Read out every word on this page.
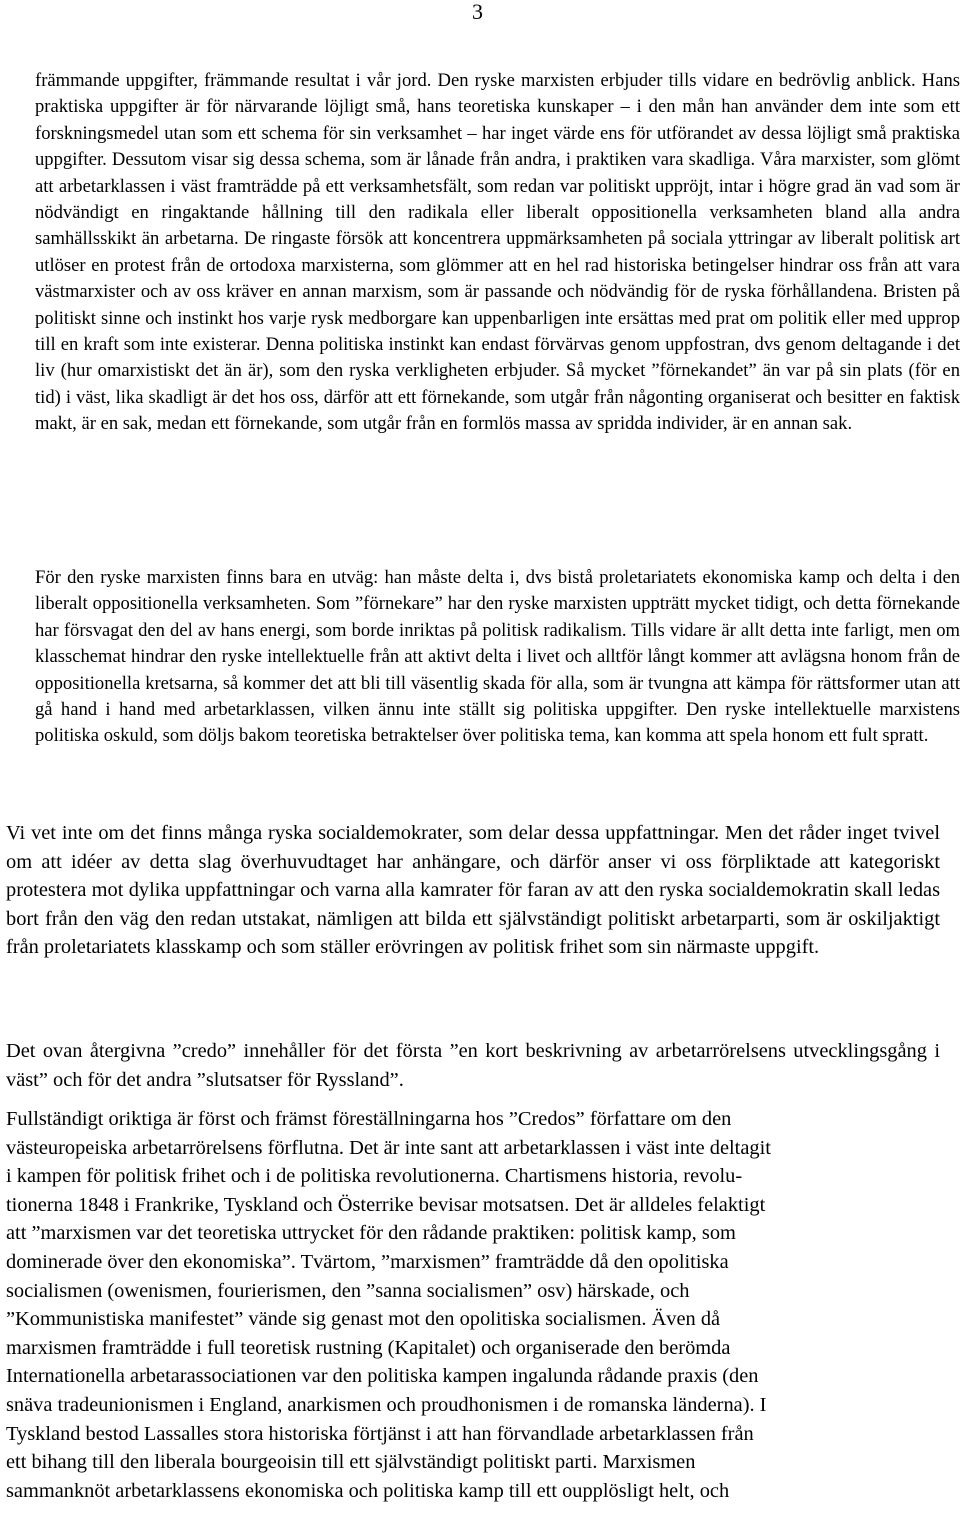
3
främmande uppgifter, främmande resultat i vår jord. Den ryske marxisten erbjuder tills vidare en bedrövlig anblick. Hans praktiska uppgifter är för närvarande löjligt små, hans teoretiska kunskaper – i den mån han använder dem inte som ett forskningsmedel utan som ett schema för sin verksamhet – har inget värde ens för utförandet av dessa löjligt små praktiska uppgifter. Dessutom visar sig dessa schema, som är lånade från andra, i praktiken vara skadliga. Våra marxister, som glömt att arbetarklassen i väst framträdde på ett verksamhetsfält, som redan var politiskt uppröjt, intar i högre grad än vad som är nödvändigt en ringaktande hållning till den radikala eller liberalt oppositionella verksamheten bland alla andra samhällsskikt än arbetarna. De ringaste försök att koncentrera uppmärksamheten på sociala yttringar av liberalt politisk art utlöser en protest från de ortodoxa marxisterna, som glömmer att en hel rad historiska betingelser hindrar oss från att vara västmarxister och av oss kräver en annan marxism, som är passande och nödvändig för de ryska förhållandena. Bristen på politiskt sinne och instinkt hos varje rysk medborgare kan uppenbarligen inte ersättas med prat om politik eller med upprop till en kraft som inte existerar. Denna politiska instinkt kan endast förvärvas genom uppfostran, dvs genom deltagande i det liv (hur omarxistiskt det än är), som den ryska verkligheten erbjuder. Så mycket ”förnekandet” än var på sin plats (för en tid) i väst, lika skadligt är det hos oss, därför att ett förnekande, som utgår från någonting organiserat och besitter en faktisk makt, är en sak, medan ett förnekande, som utgår från en formlös massa av spridda individer, är en annan sak.
För den ryske marxisten finns bara en utväg: han måste delta i, dvs bistå proletariatets ekonomiska kamp och delta i den liberalt oppositionella verksamheten. Som ”förnekare” har den ryske marxisten uppträtt mycket tidigt, och detta förnekande har försvagat den del av hans energi, som borde inriktas på politisk radikalism. Tills vidare är allt detta inte farligt, men om klasschemat hindrar den ryske intellektuelle från att aktivt delta i livet och alltför långt kommer att avlägsna honom från de oppositionella kretsarna, så kommer det att bli till väsentlig skada för alla, som är tvungna att kämpa för rättsformer utan att gå hand i hand med arbetarklassen, vilken ännu inte ställt sig politiska uppgifter. Den ryske intellektuelle marxistens politiska oskuld, som döljs bakom teoretiska betraktelser över politiska tema, kan komma att spela honom ett fult spratt.
Vi vet inte om det finns många ryska socialdemokrater, som delar dessa uppfattningar. Men det råder inget tvivel om att idéer av detta slag överhuvudtaget har anhängare, och därför anser vi oss förpliktade att kategoriskt protestera mot dylika uppfattningar och varna alla kamrater för faran av att den ryska socialdemokratin skall ledas bort från den väg den redan utstakat, nämligen att bilda ett självständigt politiskt arbetarparti, som är oskiljaktigt från proletariatets klasskamp och som ställer erövringen av politisk frihet som sin närmaste uppgift.
Det ovan återgivna ”credo” innehåller för det första ”en kort beskrivning av arbetarrörelsens utvecklingsgång i väst” och för det andra ”slutsatser för Ryssland”.
Fullständigt oriktiga är först och främst föreställningarna hos ”Credos” författare om den
västeuropeiska arbetarrörelsens förflutna. Det är inte sant att arbetarklassen i väst inte deltagit
i kampen för politisk frihet och i de politiska revolutionerna. Chartismens historia, revolu-
tionerna 1848 i Frankrike, Tyskland och Österrike bevisar motsatsen. Det är alldeles felaktigt
att ”marxismen var det teoretiska uttrycket för den rådande praktiken: politisk kamp, som
dominerade över den ekonomiska”. Tvärtom, ”marxismen” framträdde då den opolitiska
socialismen (owenismen, fourierismen, den ”sanna socialismen” osv) härskade, och
”Kommunistiska manifestet” vände sig genast mot den opolitiska socialismen. Även då
marxismen framträdde i full teoretisk rustning (Kapitalet) och organiserade den berömda
Internationella arbetarassociationen var den politiska kampen ingalunda rådande praxis (den
snäva tradeunionismen i England, anarkismen och proudhonismen i de romanska länderna). I
Tyskland bestod Lassalles stora historiska förtjänst i att han förvandlade arbetarklassen från
ett bihang till den liberala bourgeoisin till ett självständigt politiskt parti. Marxismen
sammanknöt arbetarklassens ekonomiska och politiska kamp till ett oupplösligt helt, och
